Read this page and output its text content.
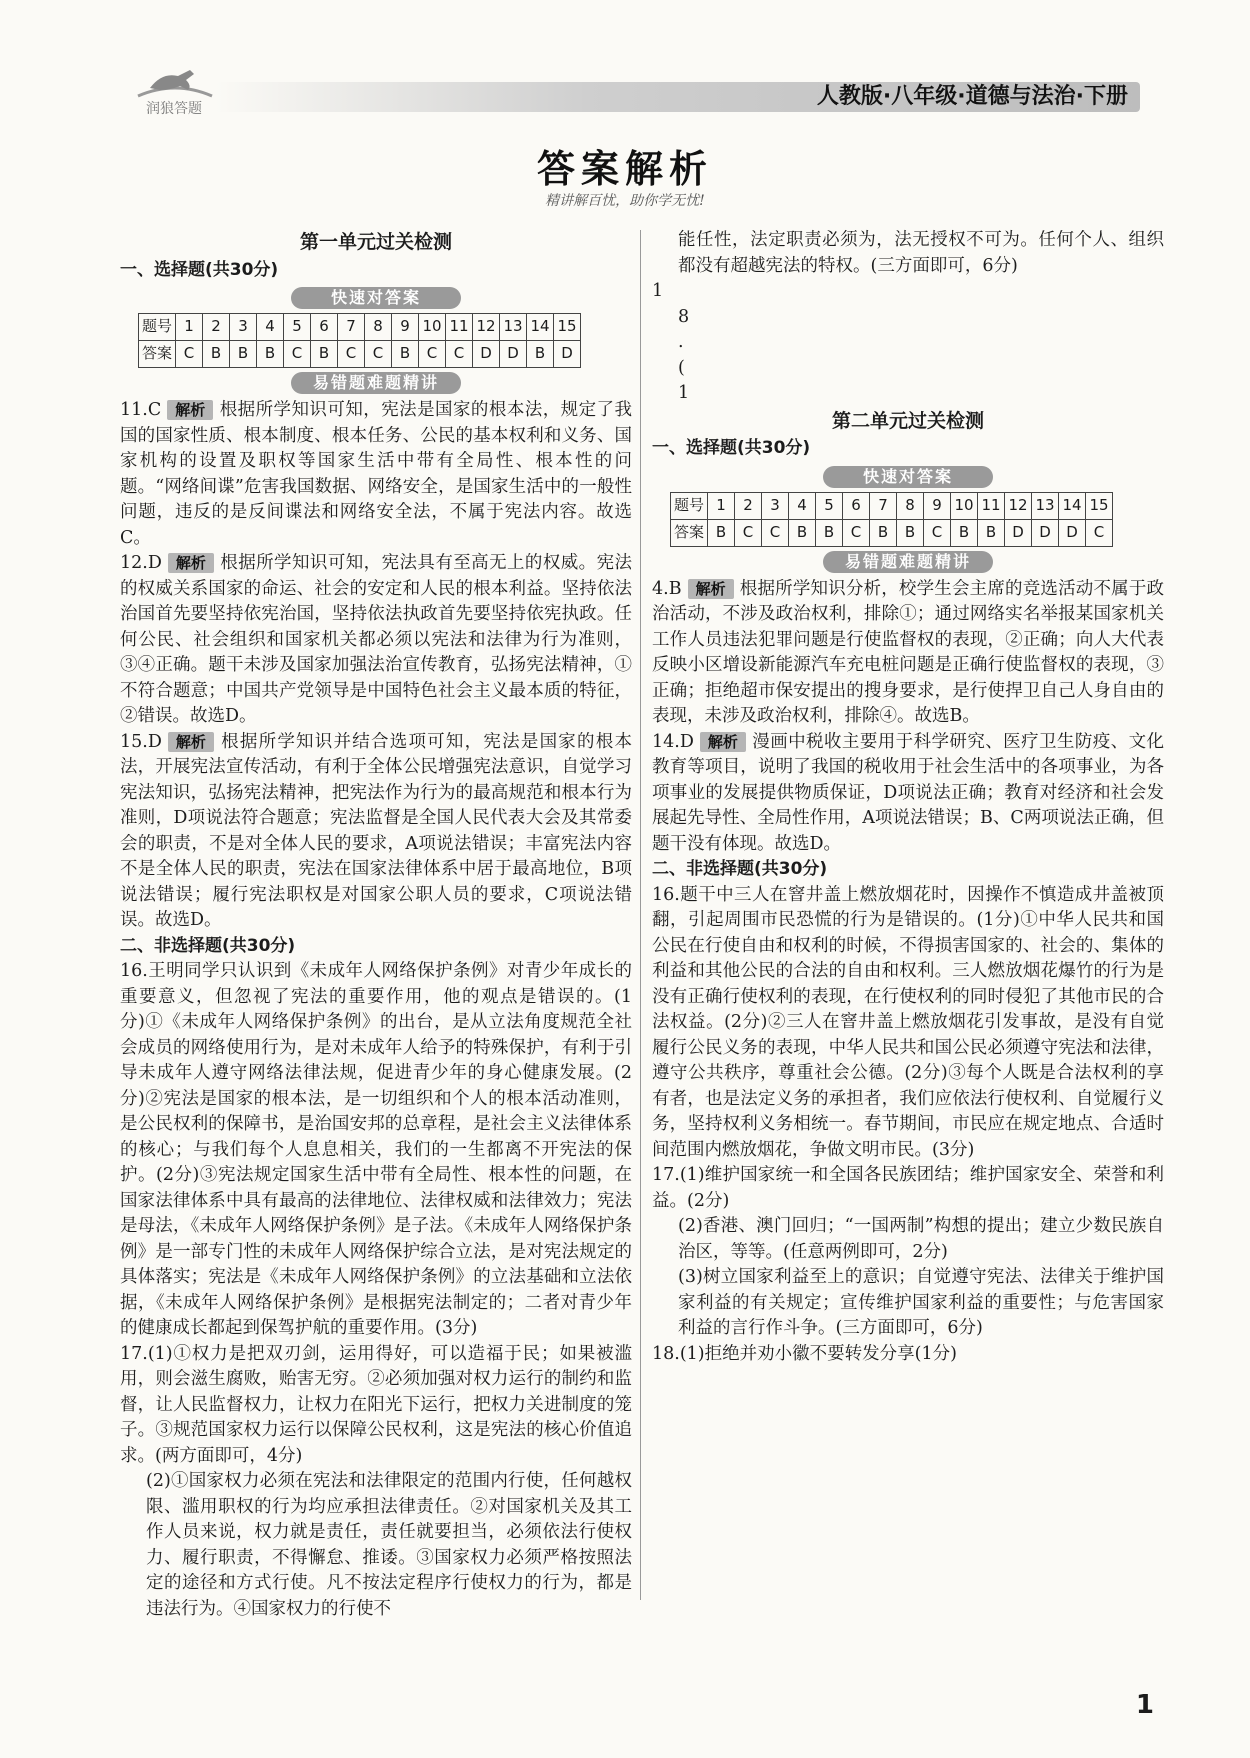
润狼答题	人教版·八年级·道德与法治·下册
答案解析
精讲解百忧，助你学无忧!
第一单元过关检测

一、选择题(共30分)

快速对答案
题号	1	2	3	4	5	6	7	8	9	10	11	12	13	14	15
答案	C	B	B	B	C	B	C	C	B	C	C	D	D	B	D
易错题难题精讲

11.C 解析 根据所学知识可知，宪法是国家的根本法，规定了我国的国家性质、根本制度、根本任务、公民的基本权利和义务、国家机构的设置及职权等国家生活中带有全局性、根本性的问题。“网络间谍”危害我国数据、网络安全，是国家生活中的一般性问题，违反的是反间谍法和网络安全法，不属于宪法内容。故选C。

12.D 解析 根据所学知识可知，宪法具有至高无上的权威。宪法的权威关系国家的命运、社会的安定和人民的根本利益。坚持依法治国首先要坚持依宪治国，坚持依法执政首先要坚持依宪执政。任何公民、社会组织和国家机关都必须以宪法和法律为行为准则，③④正确。题干未涉及国家加强法治宣传教育，弘扬宪法精神，①不符合题意；中国共产党领导是中国特色社会主义最本质的特征，②错误。故选D。

15.D 解析 根据所学知识并结合选项可知，宪法是国家的根本法，开展宪法宣传活动，有利于全体公民增强宪法意识，自觉学习宪法知识，弘扬宪法精神，把宪法作为行为的最高规范和根本行为准则，D项说法符合题意；宪法监督是全国人民代表大会及其常委会的职责，不是对全体人民的要求，A项说法错误；丰富宪法内容不是全体人民的职责，宪法在国家法律体系中居于最高地位，B项说法错误；履行宪法职权是对国家公职人员的要求，C项说法错误。故选D。

二、非选择题(共30分)

16.王明同学只认识到《未成年人网络保护条例》对青少年成长的重要意义，但忽视了宪法的重要作用，他的观点是错误的。(1分)①《未成年人网络保护条例》的出台，是从立法角度规范全社会成员的网络使用行为，是对未成年人给予的特殊保护，有利于引导未成年人遵守网络法律法规，促进青少年的身心健康发展。(2分)②宪法是国家的根本法，是一切组织和个人的根本活动准则，是公民权利的保障书，是治国安邦的总章程，是社会主义法律体系的核心；与我们每个人息息相关，我们的一生都离不开宪法的保护。(2分)③宪法规定国家生活中带有全局性、根本性的问题，在国家法律体系中具有最高的法律地位、法律权威和法律效力；宪法是母法，《未成年人网络保护条例》是子法。《未成年人网络保护条例》是一部专门性的未成年人网络保护综合立法，是对宪法规定的具体落实；宪法是《未成年人网络保护条例》的立法基础和立法依据，《未成年人网络保护条例》是根据宪法制定的；二者对青少年的健康成长都起到保驾护航的重要作用。(3分)

17.(1)①权力是把双刃剑，运用得好，可以造福于民；如果被滥用，则会滋生腐败，贻害无穷。②必须加强对权力运行的制约和监督，让人民监督权力，让权力在阳光下运行，把权力关进制度的笼子。③规范国家权力运行以保障公民权利，这是宪法的核心价值追求。(两方面即可，4分)

(2)①国家权力必须在宪法和法律限定的范围内行使，任何越权限、滥用职权的行为均应承担法律责任。②对国家机关及其工作人员来说，权力就是责任，责任就要担当，必须依法行使权力、履行职责，不得懈怠、推诿。③国家权力必须严格按照法定的途径和方式行使。凡不按法定程序行使权力的行为，都是违法行为。④国家权力的行使不

能任性，法定职责必须为，法无授权不可为。任何个人、组织都没有超越宪法的特权。(三方面即可，6分)

1

8

.

(

1

第二单元过关检测

一、选择题(共30分)

快速对答案
题号	1	2	3	4	5	6	7	8	9	10	11	12	13	14	15
答案	B	C	C	B	B	C	B	B	C	B	B	D	D	D	C
易错题难题精讲

4.B 解析 根据所学知识分析，校学生会主席的竞选活动不属于政治活动，不涉及政治权利，排除①；通过网络实名举报某国家机关工作人员违法犯罪问题是行使监督权的表现，②正确；向人大代表反映小区增设新能源汽车充电桩问题是正确行使监督权的表现，③正确；拒绝超市保安提出的搜身要求，是行使捍卫自己人身自由的表现，未涉及政治权利，排除④。故选B。

14.D 解析 漫画中税收主要用于科学研究、医疗卫生防疫、文化教育等项目，说明了我国的税收用于社会生活中的各项事业，为各项事业的发展提供物质保证，D项说法正确；教育对经济和社会发展起先导性、全局性作用，A项说法错误；B、C两项说法正确，但题干没有体现。故选D。

二、非选择题(共30分)

16.题干中三人在窨井盖上燃放烟花时，因操作不慎造成井盖被顶翻，引起周围市民恐慌的行为是错误的。(1分)①中华人民共和国公民在行使自由和权利的时候，不得损害国家的、社会的、集体的利益和其他公民的合法的自由和权利。三人燃放烟花爆竹的行为是没有正确行使权利的表现，在行使权利的同时侵犯了其他市民的合法权益。(2分)②三人在窨井盖上燃放烟花引发事故，是没有自觉履行公民义务的表现，中华人民共和国公民必须遵守宪法和法律，遵守公共秩序，尊重社会公德。(2分)③每个人既是合法权利的享有者，也是法定义务的承担者，我们应依法行使权利、自觉履行义务，坚持权利义务相统一。春节期间，市民应在规定地点、合适时间范围内燃放烟花，争做文明市民。(3分)

17.(1)维护国家统一和全国各民族团结；维护国家安全、荣誉和利益。(2分)

(2)香港、澳门回归；“一国两制”构想的提出；建立少数民族自治区，等等。(任意两例即可，2分)

(3)树立国家利益至上的意识；自觉遵守宪法、法律关于维护国家利益的有关规定；宣传维护国家利益的重要性；与危害国家利益的言行作斗争。(三方面即可，6分)

18.(1)拒绝并劝小徽不要转发分享(1分)

1
